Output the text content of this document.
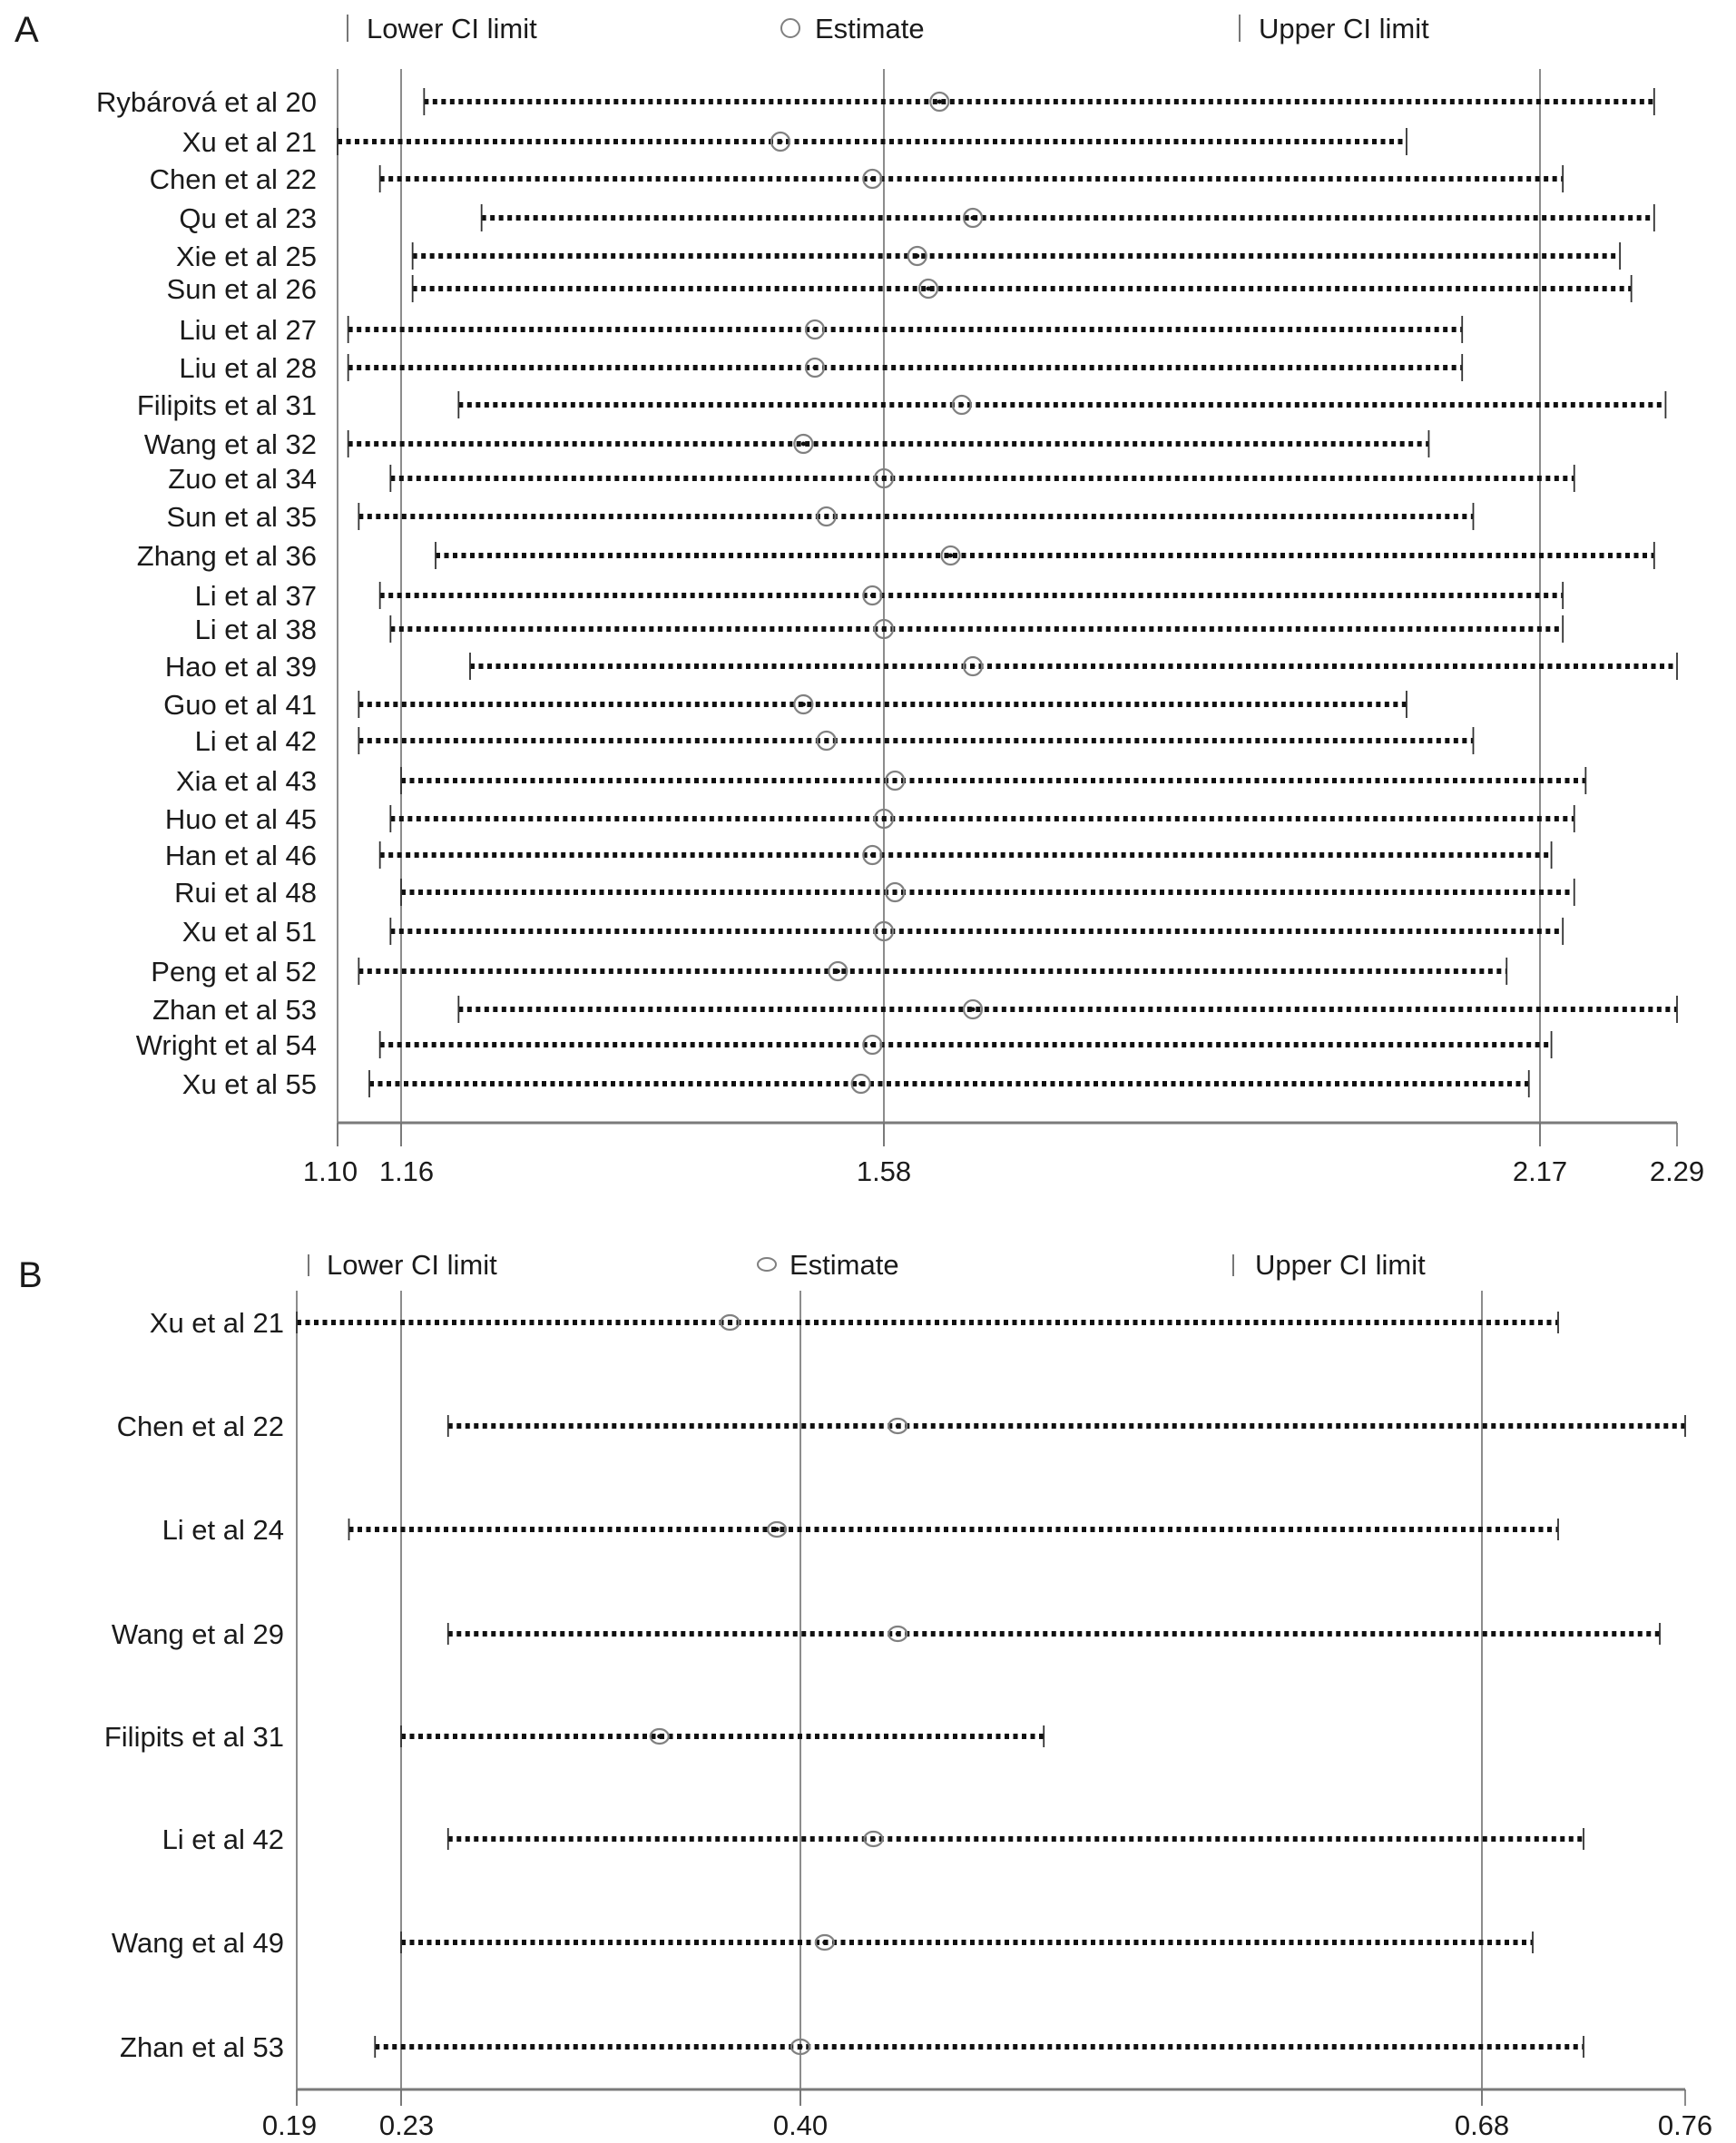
A	Lower CI limit	Estimate	Upper CI limit
Rybárová et al 20
Xu et al 21
Chen et al 22
Qu et al 23
Xie et al 25
Sun et al 26
Liu et al 27
Liu et al 28
Filipits et al 31
Wang et al 32
Zuo et al 34
Sun et al 35
Zhang et al 36
Li et al 37
Li et al 38
Hao et al 39
Guo et al 41
Li et al 42
Xia et al 43
Huo et al 45
Han et al 46
Rui et al 48
Xu et al 51
Peng et al 52
Zhan et al 53
Wright et al 54
Xu et al 55
1.10 1.16	1.58	2.17	2.29
B	Lower CI limit	Estimate	Upper CI limit
Xu et al 21
Chen et al 22
Li et al 24
Wang et al 29
Filipits et al 31
Li et al 42
Wang et al 49
Zhan et al 53
0.19 0.23	0.40	0.68	0.76
